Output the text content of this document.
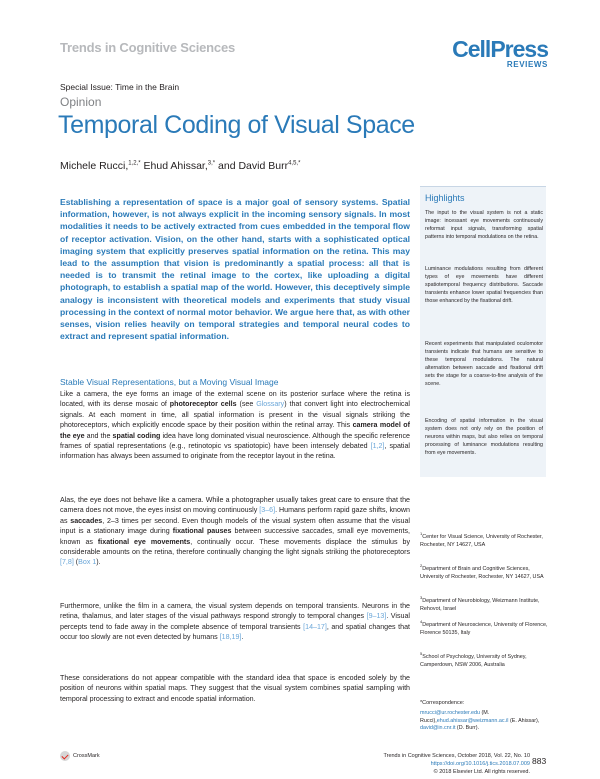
Trends in Cognitive Sciences	CellPress
REVIEWS
Special Issue: Time in the Brain
Opinion
Temporal Coding of Visual Space
Michele Rucci,$^{1,2,*}$ Ehud Ahissar,$^{3,*}$ and David Burr$^{4,5,*}$
Establishing a representation of space is a major goal of sensory systems. Spatial information, however, is not always explicit in the incoming sensory signals. In most modalities it needs to be actively extracted from cues embedded in the temporal flow of receptor activation. Vision, on the other hand, starts with a sophisticated optical imaging system that explicitly preserves spatial information on the retina. This may lead to the assumption that vision is predominantly a spatial process: all that is needed is to transmit the retinal image to the cortex, like uploading a digital photograph, to establish a spatial map of the world. However, this deceptively simple analogy is inconsistent with theoretical models and experiments that study visual processing in the context of normal motor behavior. We argue here that, as with other senses, vision relies heavily on temporal strategies and temporal neural codes to extract and represent spatial information.
Stable Visual Representations, but a Moving Visual Image
Like a camera, the eye forms an image of the external scene on its posterior surface where the retina is located, with its dense mosaic of photoreceptor cells (see Glossary) that convert light into electrochemical signals. At each moment in time, all spatial information is present in the visual signals striking the photoreceptors, which explicitly encode space by their position within the retinal array. This camera model of the eye and the spatial coding idea have long dominated visual neuroscience. Although the specific reference frames of spatial representations (e.g., retinotopic vs spatiotopic) have been intensely debated [1,2], spatial information has always been assumed to originate from the receptor layout in the retina.
Alas, the eye does not behave like a camera. While a photographer usually takes great care to ensure that the camera does not move, the eyes insist on moving continuously [3–6]. Humans perform rapid gaze shifts, known as saccades, 2–3 times per second. Even though models of the visual system often assume that the visual input is a stationary image during fixational pauses between successive saccades, small eye movements, known as fixational eye movements, continually occur. These movements displace the stimulus by considerable amounts on the retina, therefore continually changing the light signals striking the photoreceptors [7,8] (Box 1).
Furthermore, unlike the film in a camera, the visual system depends on temporal transients. Neurons in the retina, thalamus, and later stages of the visual pathways respond strongly to temporal changes [9–13]. Visual percepts tend to fade away in the complete absence of temporal transients [14–17], and spatial changes that occur too slowly are not even detected by humans [18,19].
These considerations do not appear compatible with the standard idea that space is encoded solely by the position of neurons within spatial maps. They suggest that the visual system combines spatial sampling with temporal processing to extract and encode spatial information.
Highlights
The input to the visual system is not a static image: incessant eye movements continuously reformat input signals, transforming spatial patterns into temporal modulations on the retina.
Luminance modulations resulting from different types of eye movements have different spatiotemporal frequency distributions. Saccade transients enhance lower spatial frequencies than those enhanced by the fixational drift.
Recent experiments that manipulated oculomotor transients indicate that humans are sensitive to these temporal modulations. The natural alternation between saccade and fixational drift sets the stage for a coarse-to-fine analysis of the scene.
Encoding of spatial information in the visual system does not only rely on the position of neurons within maps, but also relies on temporal processing of luminance modulations resulting from eye movements.
$^1$Center for Visual Science, University of Rochester, Rochester, NY 14627, USA
$^2$Department of Brain and Cognitive Sciences, University of Rochester, Rochester, NY 14627, USA
$^3$Department of Neurobiology, Weizmann Institute, Rehovot, Israel
$^4$Department of Neuroscience, University of Florence, Florence 50135, Italy
$^5$School of Psychology, University of Sydney, Camperdown, NSW 2006, Australia
*Correspondence:
mrucci@ur.rochester.edu (M. Rucci),ehud.ahissar@weizmann.ac.il (E. Ahissar), david@in.cnr.it (D. Burr).
CrossMark	Trends in Cognitive Sciences, October 2018, Vol. 22, No. 10
https://doi.org/10.1016/j.tics.2018.07.009
© 2018 Elsevier Ltd. All rights reserved.
883
